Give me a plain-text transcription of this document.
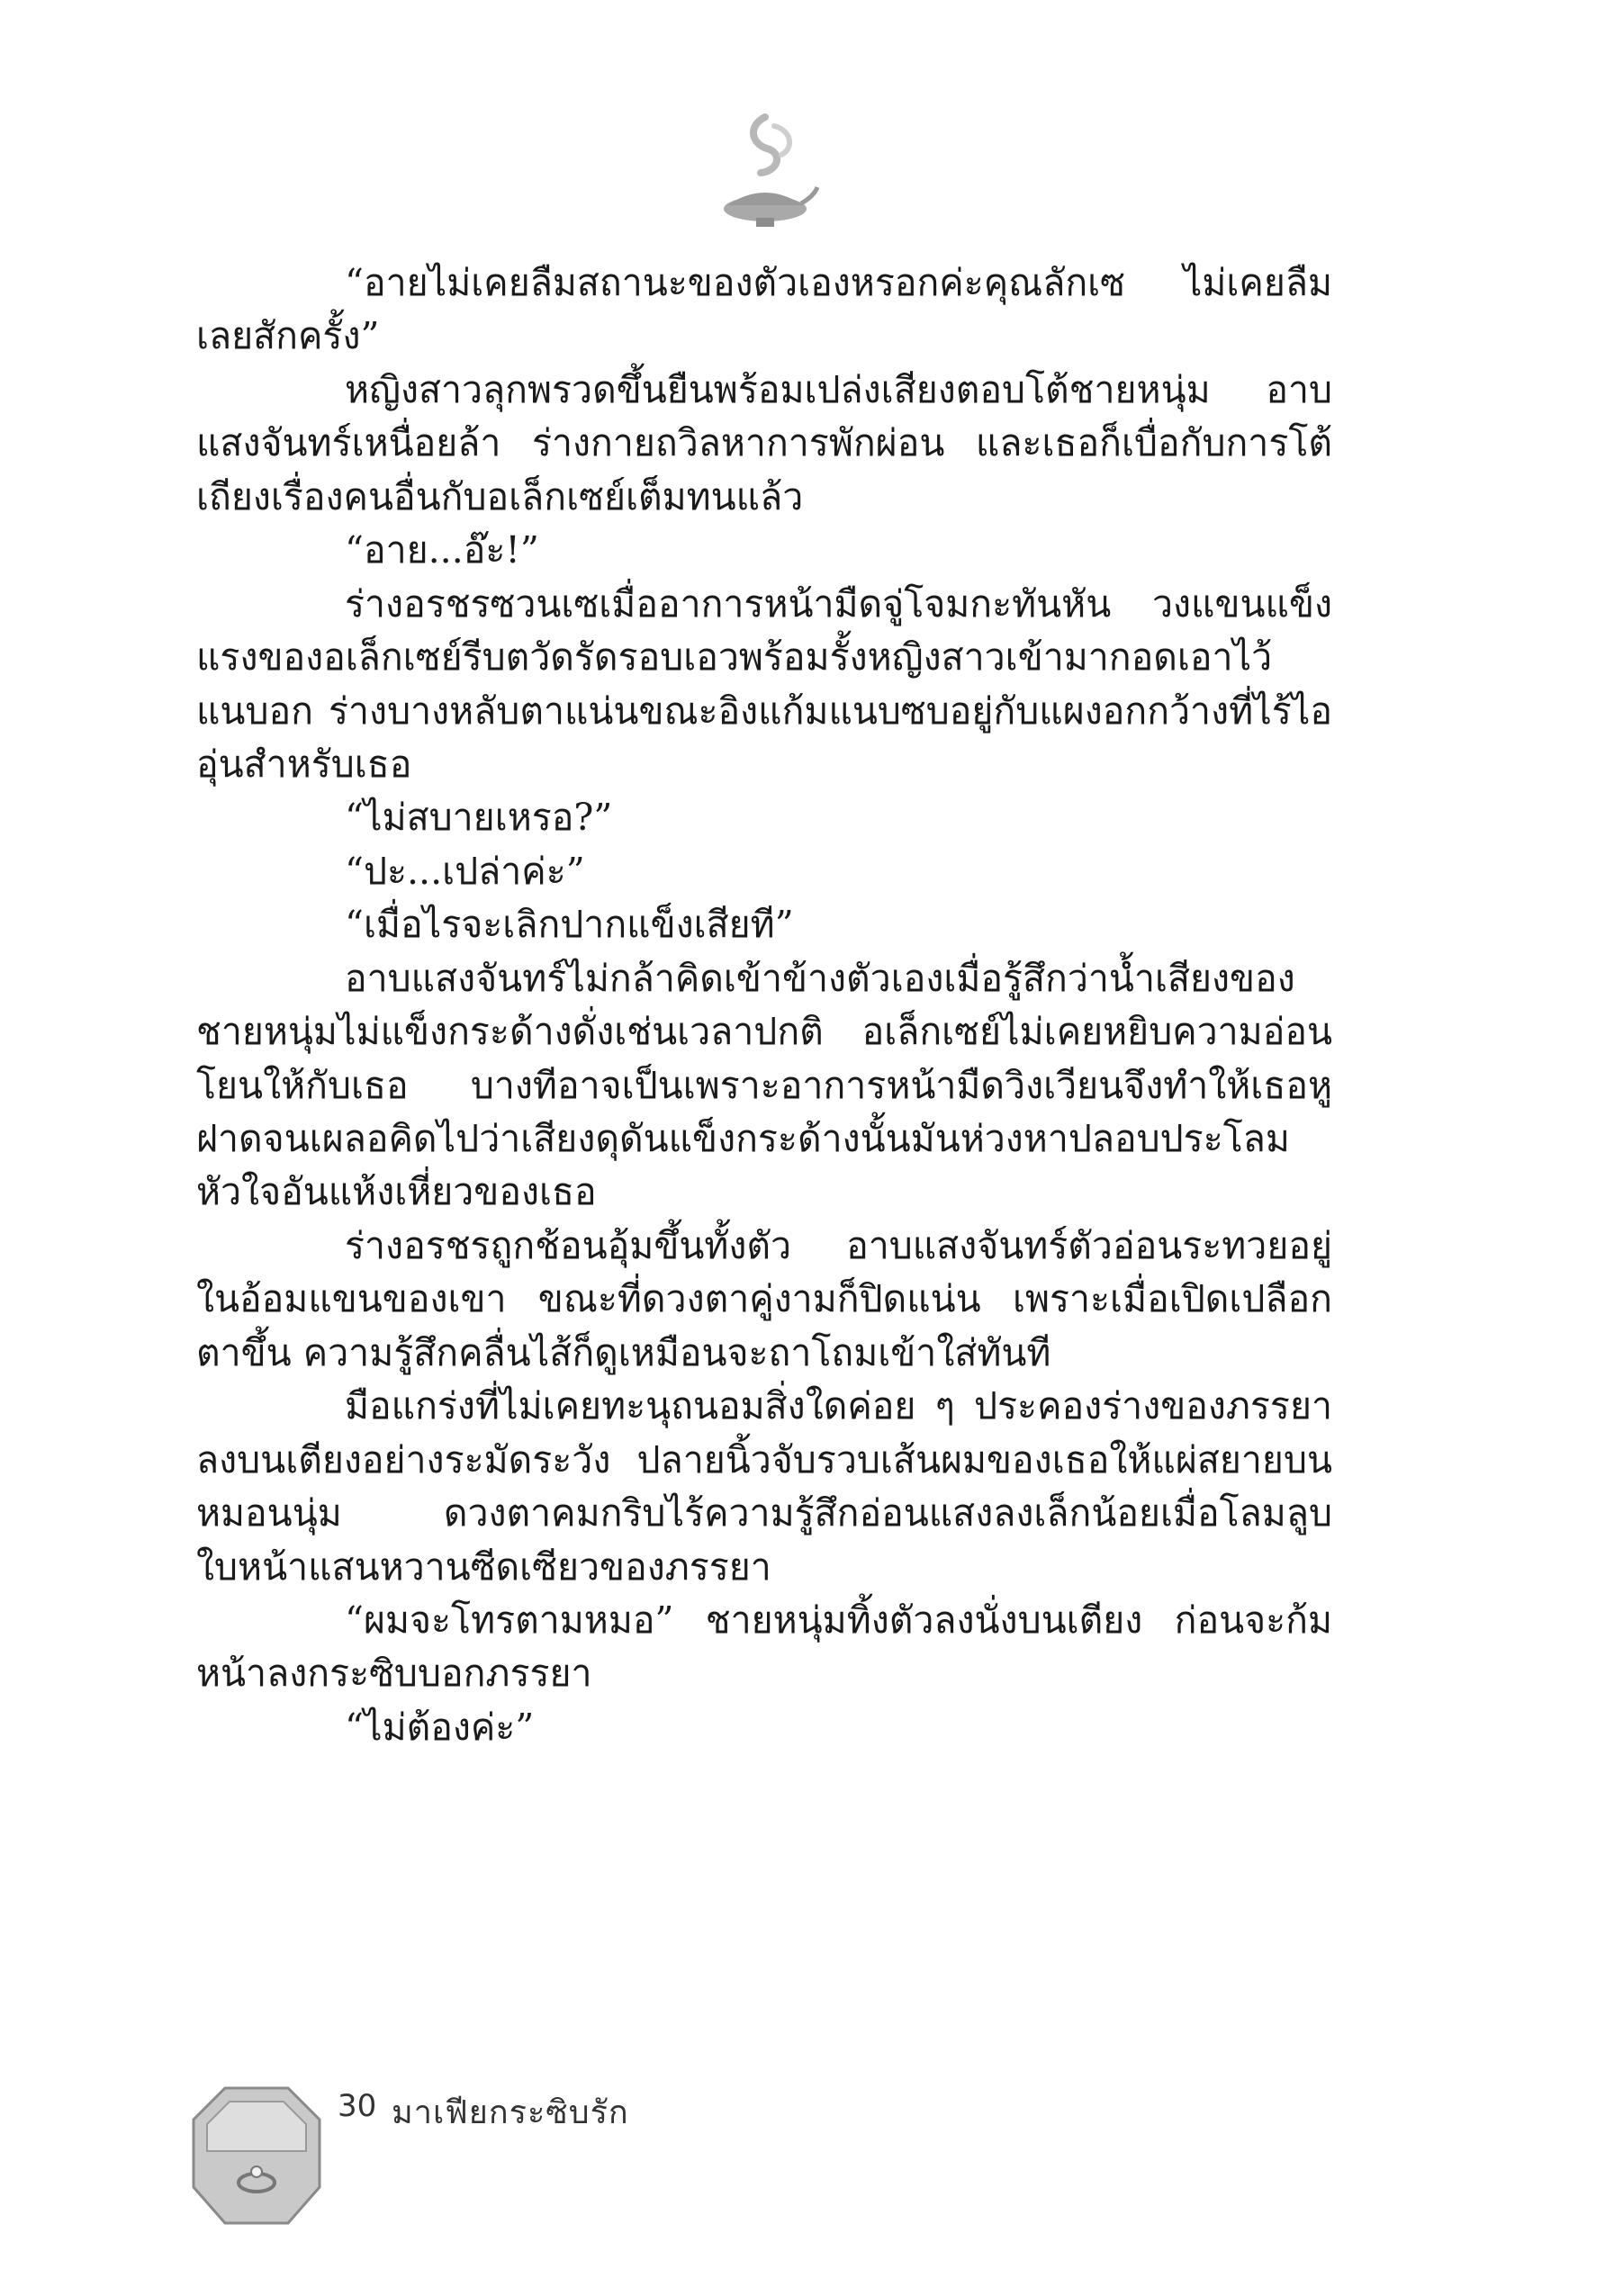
“อายไม่เคยลืมสถานะของตัวเองหรอกค่ะคุณลักเซ ไม่เคยลืมเลยสักครั้ง”

หญิงสาวลุกพรวดขึ้นยืนพร้อมเปล่งเสียงตอบโต้ชายหนุ่ม อาบแสงจันทร์เหนื่อยล้า ร่างกายถวิลหาการพักผ่อน และเธอก็เบื่อกับการโต้เถียงเรื่องคนอื่นกับอเล็กเซย์เต็มทนแล้ว

“อาย...อ๊ะ!”

ร่างอรชรซวนเซเมื่ออาการหน้ามืดจู่โจมกะทันหัน วงแขนแข็งแรงของอเล็กเซย์รีบตวัดรัดรอบเอวพร้อมรั้งหญิงสาวเข้ามากอดเอาไว้แนบอก ร่างบางหลับตาแน่นขณะอิงแก้มแนบซบอยู่กับแผงอกกว้างที่ไร้ไออุ่นสำหรับเธอ

“ไม่สบายเหรอ?”

“ปะ...เปล่าค่ะ”

“เมื่อไรจะเลิกปากแข็งเสียที”

อาบแสงจันทร์ไม่กล้าคิดเข้าข้างตัวเองเมื่อรู้สึกว่าน้ำเสียงของชายหนุ่มไม่แข็งกระด้างดั่งเช่นเวลาปกติ อเล็กเซย์ไม่เคยหยิบความอ่อนโยนให้กับเธอ บางทีอาจเป็นเพราะอาการหน้ามืดวิงเวียนจึงทำให้เธอหูฝาดจนเผลอคิดไปว่าเสียงดุดันแข็งกระด้างนั้นมันห่วงหาปลอบประโลมหัวใจอันแห้งเหี่ยวของเธอ

ร่างอรชรถูกช้อนอุ้มขึ้นทั้งตัว อาบแสงจันทร์ตัวอ่อนระทวยอยู่ในอ้อมแขนของเขา ขณะที่ดวงตาคู่งามก็ปิดแน่น เพราะเมื่อเปิดเปลือกตาขึ้น ความรู้สึกคลื่นไส้ก็ดูเหมือนจะถาโถมเข้าใส่ทันที

มือแกร่งที่ไม่เคยทะนุถนอมสิ่งใดค่อย ๆ ประคองร่างของภรรยาลงบนเตียงอย่างระมัดระวัง ปลายนิ้วจับรวบเส้นผมของเธอให้แผ่สยายบนหมอนนุ่ม ดวงตาคมกริบไร้ความรู้สึกอ่อนแสงลงเล็กน้อยเมื่อโลมลูบใบหน้าแสนหวานซีดเซียวของภรรยา

“ผมจะโทรตามหมอ” ชายหนุ่มทิ้งตัวลงนั่งบนเตียง ก่อนจะก้มหน้าลงกระซิบบอกภรรยา

“ไม่ต้องค่ะ”

30 มาเฟียกระซิบรัก
